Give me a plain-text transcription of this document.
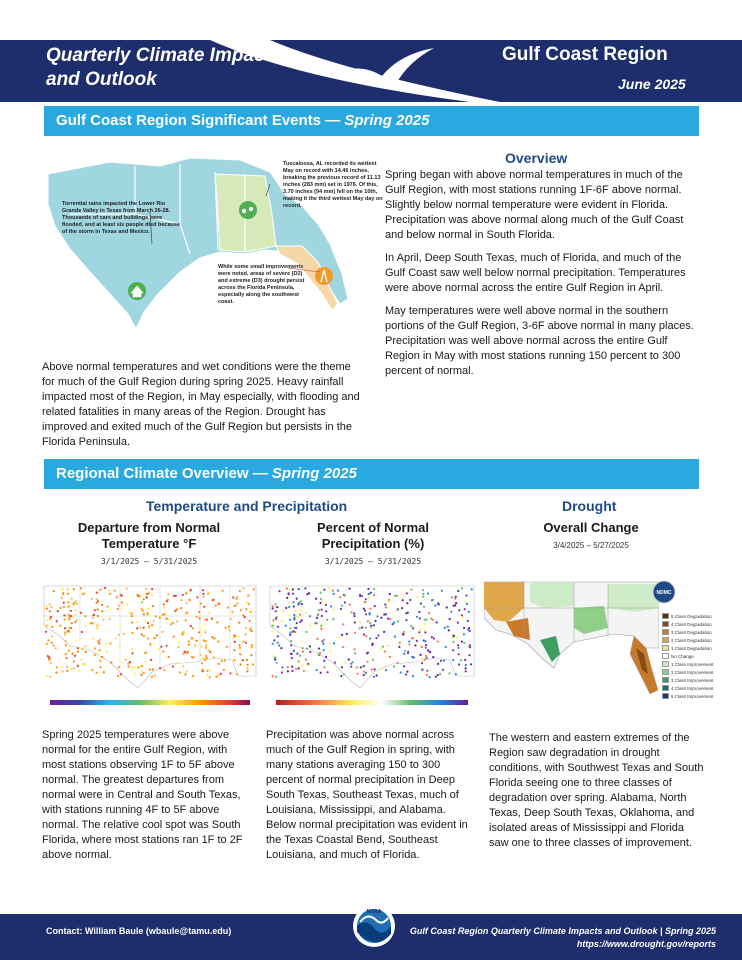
Quarterly Climate Impacts
and Outlook
Gulf Coast Region
June 2025
Gulf Coast Region Significant Events — Spring 2025
Torrential rains impacted the Lower Rio Grande Valley in Texas from March 26-28. Thousands of cars and buildings were flooded, and at least six people died because of the storm in Texas and Mexico.
Tuscaloosa, AL recorded its wettest May on record with 14.46 inches, breaking the previous record of 11.13 inches (283 mm) set in 1976. Of this, 3.70 inches (94 mm) fell on the 10th, making it the third wettest May day on record.
While some small improvements were noted, areas of severe (D2) and extreme (D3) drought persist across the Florida Peninsula, especially along the southwest coast.
Above normal temperatures and wet conditions were the theme for much of the Gulf Region during spring 2025. Heavy rainfall impacted most of the Region, in May especially, with flooding and related fatalities in many areas of the Region. Drought has improved and exited much of the Gulf Region but persists in the Florida Peninsula.
Overview

Spring began with above normal temperatures in much of the Gulf Region, with most stations running 1F-6F above normal. Slightly below normal temperature were evident in Florida. Precipitation was above normal along much of the Gulf Coast and below normal in South Florida.

In April, Deep South Texas, much of Florida, and much of the Gulf Coast saw well below normal precipitation. Temperatures were above normal across the entire Gulf Region in April.

May temperatures were well above normal in the southern portions of the Gulf Region, 3-6F above normal in many places. Precipitation was well above normal across the entire Gulf Region in May with most stations running 150 percent to 300 percent of normal.

Regional Climate Overview — Spring 2025
Temperature and Precipitation	Drought
Departure from Normal
Temperature °F
3/1/2025 – 5/31/2025
Percent of Normal
Precipitation (%)
3/1/2025 – 5/31/2025
Overall Change
3/4/2025 – 5/27/2025
NDMC
5 Class Degradation
4 Class Degradation
3 Class Degradation
2 Class Degradation
1 Class Degradation
No Change
1 Class Improvement
2 Class Improvement
3 Class Improvement
4 Class Improvement
5 Class Improvement
Spring 2025 temperatures were above normal for the entire Gulf Region, with most stations observing 1F to 5F above normal. The greatest departures from normal were in Central and South Texas, with stations running 4F to 5F above normal. The relative cool spot was South Florida, where most stations ran 1F to 2F above normal.
Precipitation was above normal across much of the Gulf Region in spring, with many stations averaging 150 to 300 percent of normal precipitation in Deep South Texas, Southeast Texas, much of Louisiana, Mississippi, and Alabama. Below normal precipitation was evident in the Texas Coastal Bend, Southeast Louisiana, and much of Florida.
The western and eastern extremes of the Region saw degradation in drought conditions, with Southwest Texas and South Florida seeing one to three classes of degradation over spring. Alabama, North Texas, Deep South Texas, Oklahoma, and isolated areas of Mississippi and Florida saw one to three classes of improvement.
Contact: William Baule (wbaule@tamu.edu)
NOAA
Gulf Coast Region Quarterly Climate Impacts and Outlook | Spring 2025
https://www.drought.gov/reports
